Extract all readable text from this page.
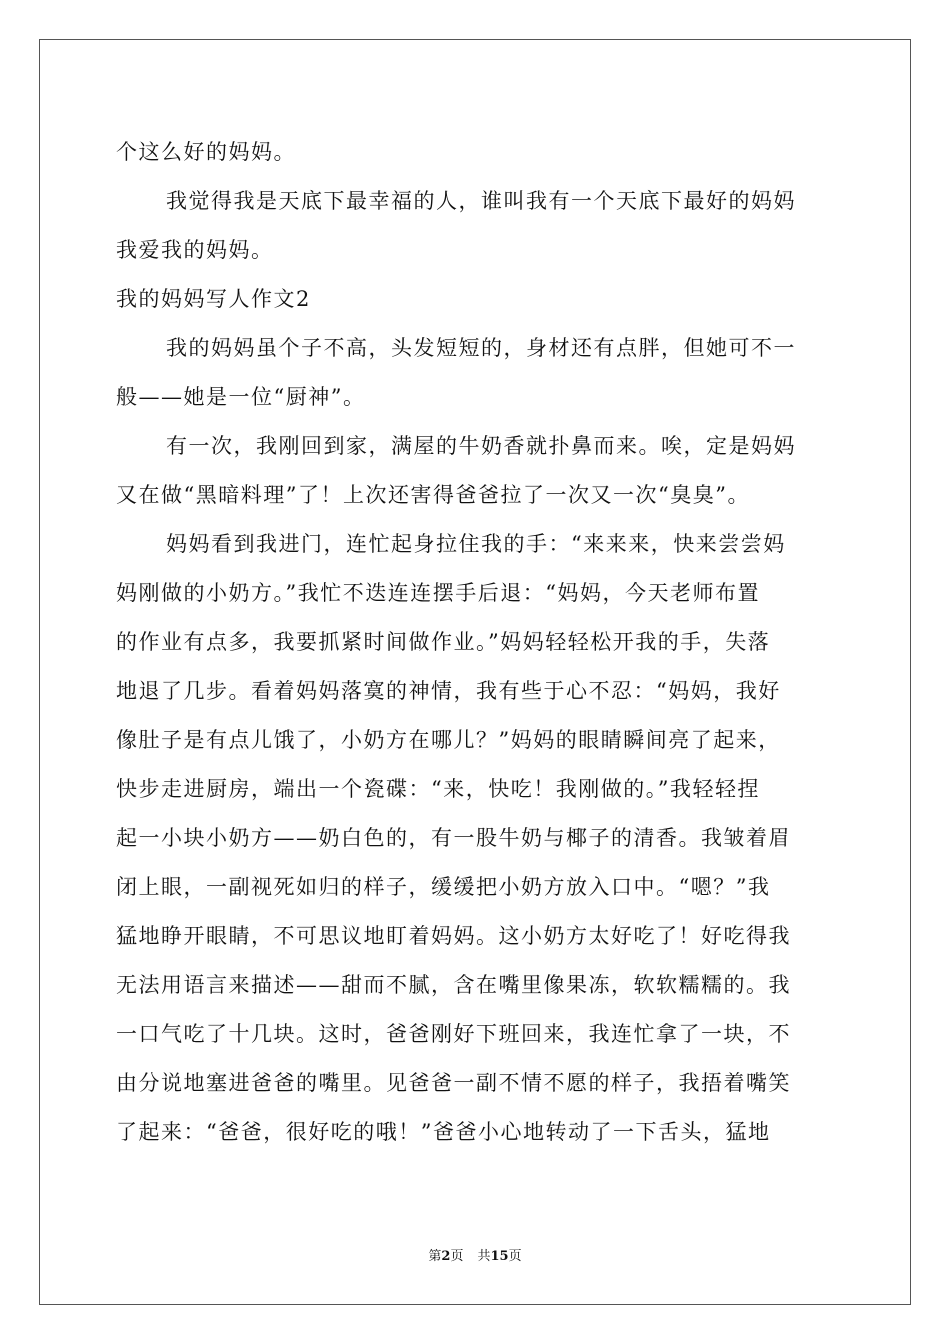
个这么好的妈妈。
我觉得我是天底下最幸福的人，谁叫我有一个天底下最好的妈妈
我爱我的妈妈。
我的妈妈写人作文2
我的妈妈虽个子不高，头发短短的，身材还有点胖，但她可不一
般——她是一位“厨神”。
有一次，我刚回到家，满屋的牛奶香就扑鼻而来。唉，定是妈妈
又在做“黑暗料理”了！上次还害得爸爸拉了一次又一次“臭臭”。
妈妈看到我进门，连忙起身拉住我的手：“来来来，快来尝尝妈
妈刚做的小奶方。”我忙不迭连连摆手后退：“妈妈，今天老师布置
的作业有点多，我要抓紧时间做作业。”妈妈轻轻松开我的手，失落
地退了几步。看着妈妈落寞的神情，我有些于心不忍：“妈妈，我好
像肚子是有点儿饿了，小奶方在哪儿？”妈妈的眼睛瞬间亮了起来，
快步走进厨房，端出一个瓷碟：“来，快吃！我刚做的。”我轻轻捏
起一小块小奶方——奶白色的，有一股牛奶与椰子的清香。我皱着眉
闭上眼，一副视死如归的样子，缓缓把小奶方放入口中。“嗯？”我
猛地睁开眼睛，不可思议地盯着妈妈。这小奶方太好吃了！好吃得我
无法用语言来描述——甜而不腻，含在嘴里像果冻，软软糯糯的。我
一口气吃了十几块。这时，爸爸刚好下班回来，我连忙拿了一块，不
由分说地塞进爸爸的嘴里。见爸爸一副不情不愿的样子，我捂着嘴笑
了起来：“爸爸，很好吃的哦！”爸爸小心地转动了一下舌头，猛地
第2页 共15页
